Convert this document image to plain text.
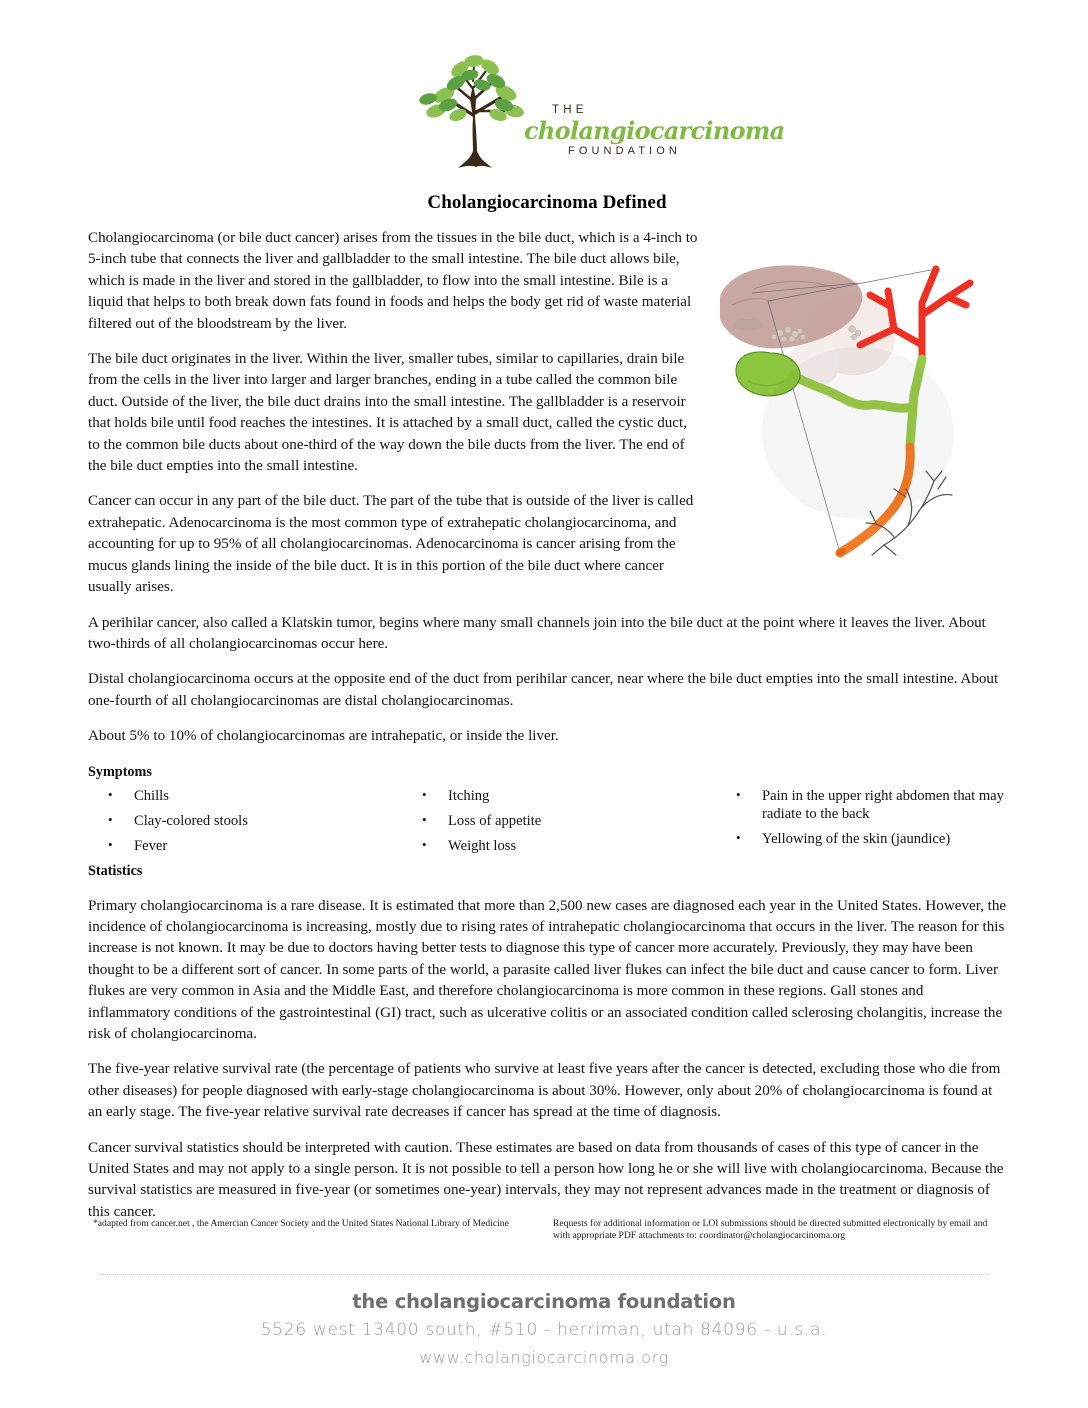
THE
cholangiocarcinoma
FOUNDATION
Cholangiocarcinoma Defined

Cholangiocarcinoma (or bile duct cancer) arises from the tissues in the bile duct, which is a 4-inch to 5-inch tube that connects the liver and gallbladder to the small intestine. The bile duct allows bile, which is made in the liver and stored in the gallbladder, to flow into the small intestine. Bile is a liquid that helps to both break down fats found in foods and helps the body get rid of waste material filtered out of the bloodstream by the liver.

The bile duct originates in the liver. Within the liver, smaller tubes, similar to capillaries, drain bile from the cells in the liver into larger and larger branches, ending in a tube called the common bile duct. Outside of the liver, the bile duct drains into the small intestine. The gallbladder is a reservoir that holds bile until food reaches the intestines. It is attached by a small duct, called the cystic duct, to the common bile ducts about one-third of the way down the bile ducts from the liver. The end of the bile duct empties into the small intestine.

Cancer can occur in any part of the bile duct. The part of the tube that is outside of the liver is called extrahepatic. Adenocarcinoma is the most common type of extrahepatic cholangiocarcinoma, and accounting for up to 95% of all cholangiocarcinomas. Adenocarcinoma is cancer arising from the mucus glands lining the inside of the bile duct. It is in this portion of the bile duct where cancer usually arises.

A perihilar cancer, also called a Klatskin tumor, begins where many small channels join into the bile duct at the point where it leaves the liver. About two-thirds of all cholangiocarcinomas occur here.

Distal cholangiocarcinoma occurs at the opposite end of the duct from perihilar cancer, near where the bile duct empties into the small intestine. About one-fourth of all cholangiocarcinomas are distal cholangiocarcinomas.

About 5% to 10% of cholangiocarcinomas are intrahepatic, or inside the liver.

Symptoms
• Chills
• Clay-colored stools
• Fever
• Itching
• Loss of appetite
• Weight loss
• Pain in the upper right abdomen that may radiate to the back
• Yellowing of the skin (jaundice)
Statistics

Primary cholangiocarcinoma is a rare disease. It is estimated that more than 2,500 new cases are diagnosed each year in the United States. However, the incidence of cholangiocarcinoma is increasing, mostly due to rising rates of intrahepatic cholangiocarcinoma that occurs in the liver. The reason for this increase is not known. It may be due to doctors having better tests to diagnose this type of cancer more accurately. Previously, they may have been thought to be a different sort of cancer. In some parts of the world, a parasite called liver flukes can infect the bile duct and cause cancer to form. Liver flukes are very common in Asia and the Middle East, and therefore cholangiocarcinoma is more common in these regions. Gall stones and inflammatory conditions of the gastrointestinal (GI) tract, such as ulcerative colitis or an associated condition called sclerosing cholangitis, increase the risk of cholangiocarcinoma.

The five-year relative survival rate (the percentage of patients who survive at least five years after the cancer is detected, excluding those who die from other diseases) for people diagnosed with early-stage cholangiocarcinoma is about 30%. However, only about 20% of cholangiocarcinoma is found at an early stage. The five-year relative survival rate decreases if cancer has spread at the time of diagnosis.

Cancer survival statistics should be interpreted with caution. These estimates are based on data from thousands of cases of this type of cancer in the United States and may not apply to a single person. It is not possible to tell a person how long he or she will live with cholangiocarcinoma. Because the survival statistics are measured in five-year (or sometimes one-year) intervals, they may not represent advances made in the treatment or diagnosis of this cancer.

*adapted from cancer.net , the Amercian Cancer Society and the United States National Library of Medicine	Requests for additional information or LOI submissions should be directed submitted electronically by email and with appropriate PDF attachments to: coordinator@cholangiocarcinoma.org
the cholangiocarcinoma foundation
5526 west 13400 south, #510 - herriman, utah 84096 - u.s.a.
www.cholangiocarcinoma.org
